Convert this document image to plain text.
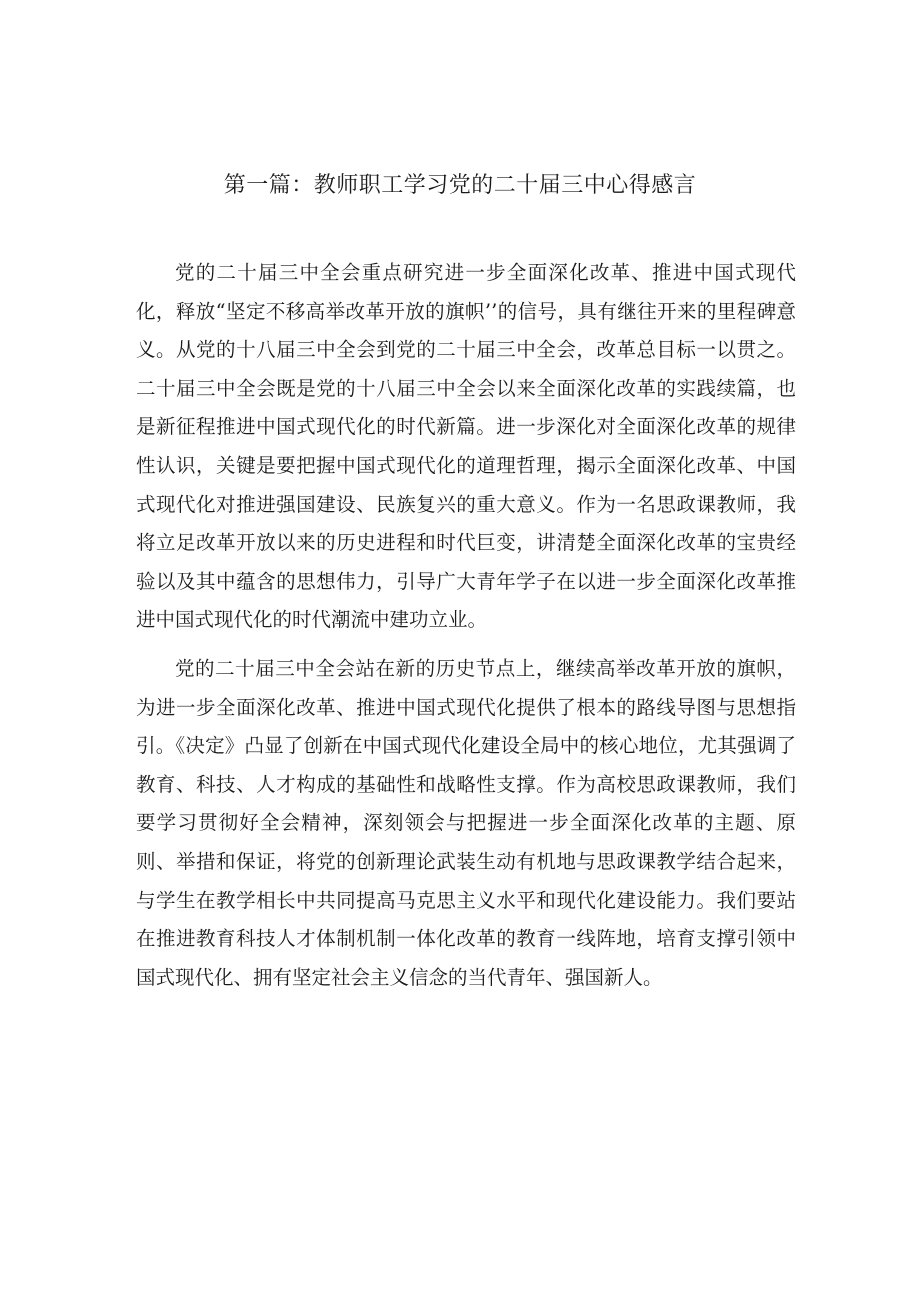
第一篇：教师职工学习党的二十届三中心得感言

党的二十届三中全会重点研究进一步全面深化改革、推进中国式现代化，释放“坚定不移高举改革开放的旗帜’’的信号，具有继往开来的里程碑意义。从党的十八届三中全会到党的二十届三中全会，改革总目标一以贯之。二十届三中全会既是党的十八届三中全会以来全面深化改革的实践续篇，也是新征程推进中国式现代化的时代新篇。进一步深化对全面深化改革的规律性认识，关键是要把握中国式现代化的道理哲理，揭示全面深化改革、中国式现代化对推进强国建设、民族复兴的重大意义。作为一名思政课教师，我将立足改革开放以来的历史进程和时代巨变，讲清楚全面深化改革的宝贵经验以及其中蕴含的思想伟力，引导广大青年学子在以进一步全面深化改革推进中国式现代化的时代潮流中建功立业。

党的二十届三中全会站在新的历史节点上，继续高举改革开放的旗帜，为进一步全面深化改革、推进中国式现代化提供了根本的路线导图与思想指引。《决定》凸显了创新在中国式现代化建设全局中的核心地位，尤其强调了教育、科技、人才构成的基础性和战略性支撑。作为高校思政课教师，我们要学习贯彻好全会精神，深刻领会与把握进一步全面深化改革的主题、原则、举措和保证，将党的创新理论武装生动有机地与思政课教学结合起来，与学生在教学相长中共同提高马克思主义水平和现代化建设能力。我们要站在推进教育科技人才体制机制一体化改革的教育一线阵地，培育支撑引领中国式现代化、拥有坚定社会主义信念的当代青年、强国新人。
